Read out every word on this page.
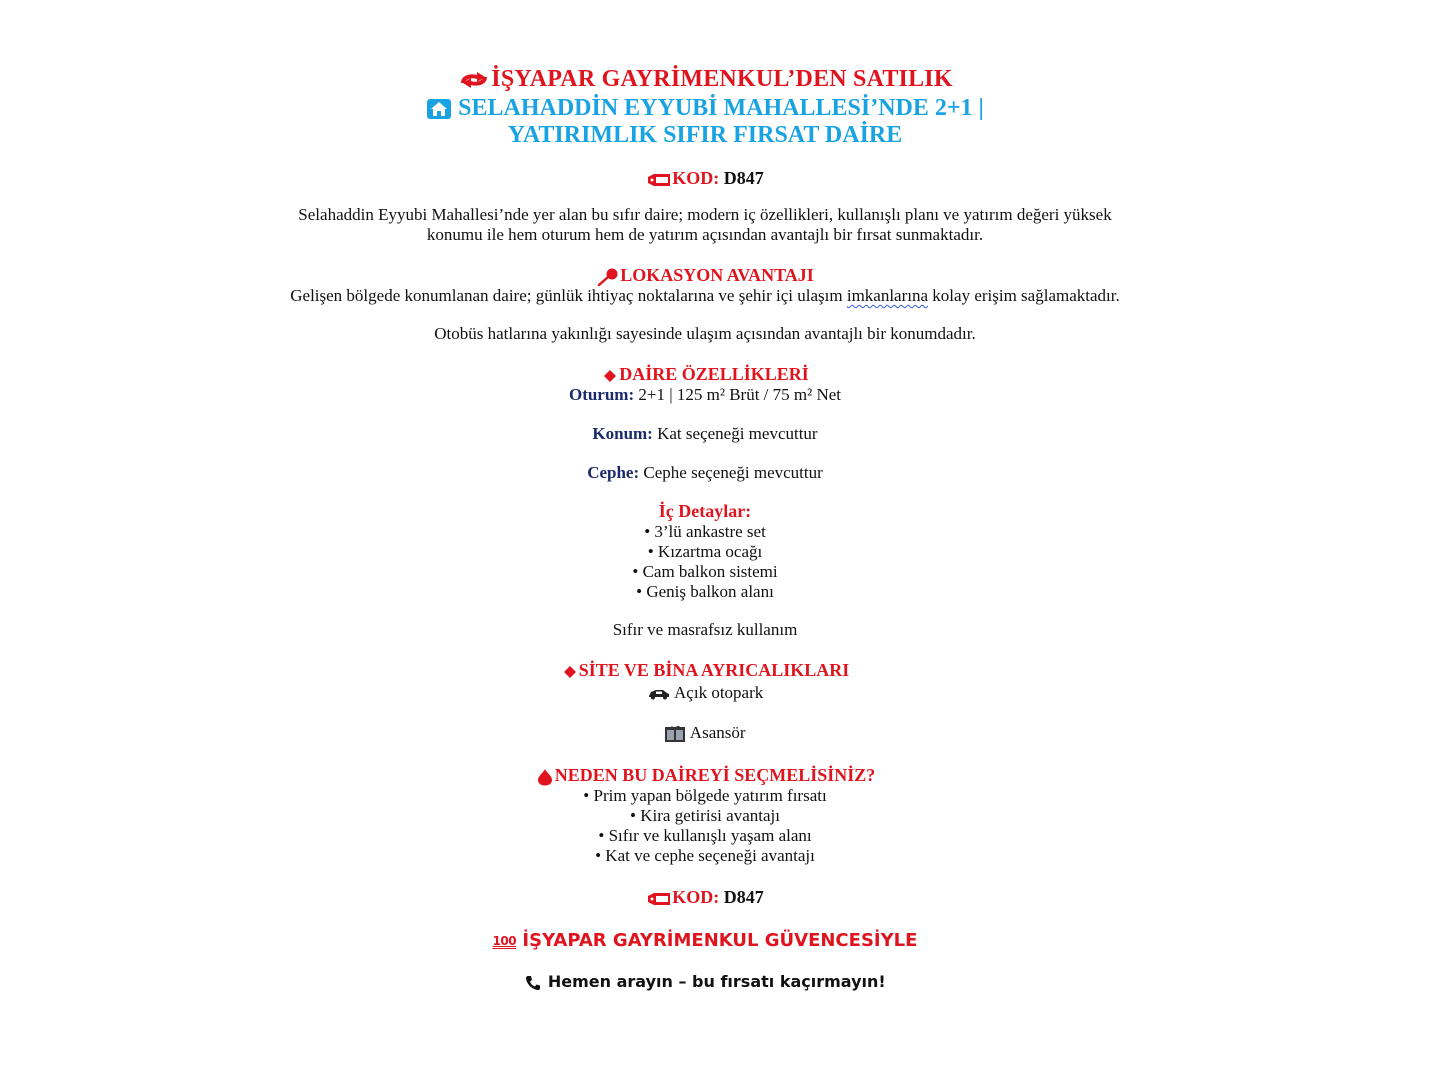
İŞYAPAR GAYRİMENKUL’DEN SATILIK
SELAHADDİN EYYUBİ MAHALLESİ’NDE 2+1 |
YATIRIMLIK SIFIR FIRSAT DAİRE
KOD: D847
Selahaddin Eyyubi Mahallesi’nde yer alan bu sıfır daire; modern iç özellikleri, kullanışlı planı ve yatırım değeri yüksek konumu ile hem oturum hem de yatırım açısından avantajlı bir fırsat sunmaktadır.
LOKASYON AVANTAJI
Gelişen bölgede konumlanan daire; günlük ihtiyaç noktalarına ve şehir içi ulaşım imkanlarına kolay erişim sağlamaktadır.
Otobüs hatlarına yakınlığı sayesinde ulaşım açısından avantajlı bir konumdadır.
DAİRE ÖZELLİKLERİ
Oturum: 2+1 | 125 m² Brüt / 75 m² Net
Konum: Kat seçeneği mevcuttur
Cephe: Cephe seçeneği mevcuttur
İç Detaylar:
• 3’lü ankastre set
• Kızartma ocağı
• Cam balkon sistemi
• Geniş balkon alanı
Sıfır ve masrafsız kullanım
SİTE VE BİNA AYRICALIKLARI
Açık otopark
Asansör
NEDEN BU DAİREYİ SEÇMELİSİNİZ?
• Prim yapan bölgede yatırım fırsatı
• Kira getirisi avantajı
• Sıfır ve kullanışlı yaşam alanı
• Kat ve cephe seçeneği avantajı
KOD: D847
100 İŞYAPAR GAYRİMENKUL GÜVENCESİYLE
Hemen arayın – bu fırsatı kaçırmayın!
